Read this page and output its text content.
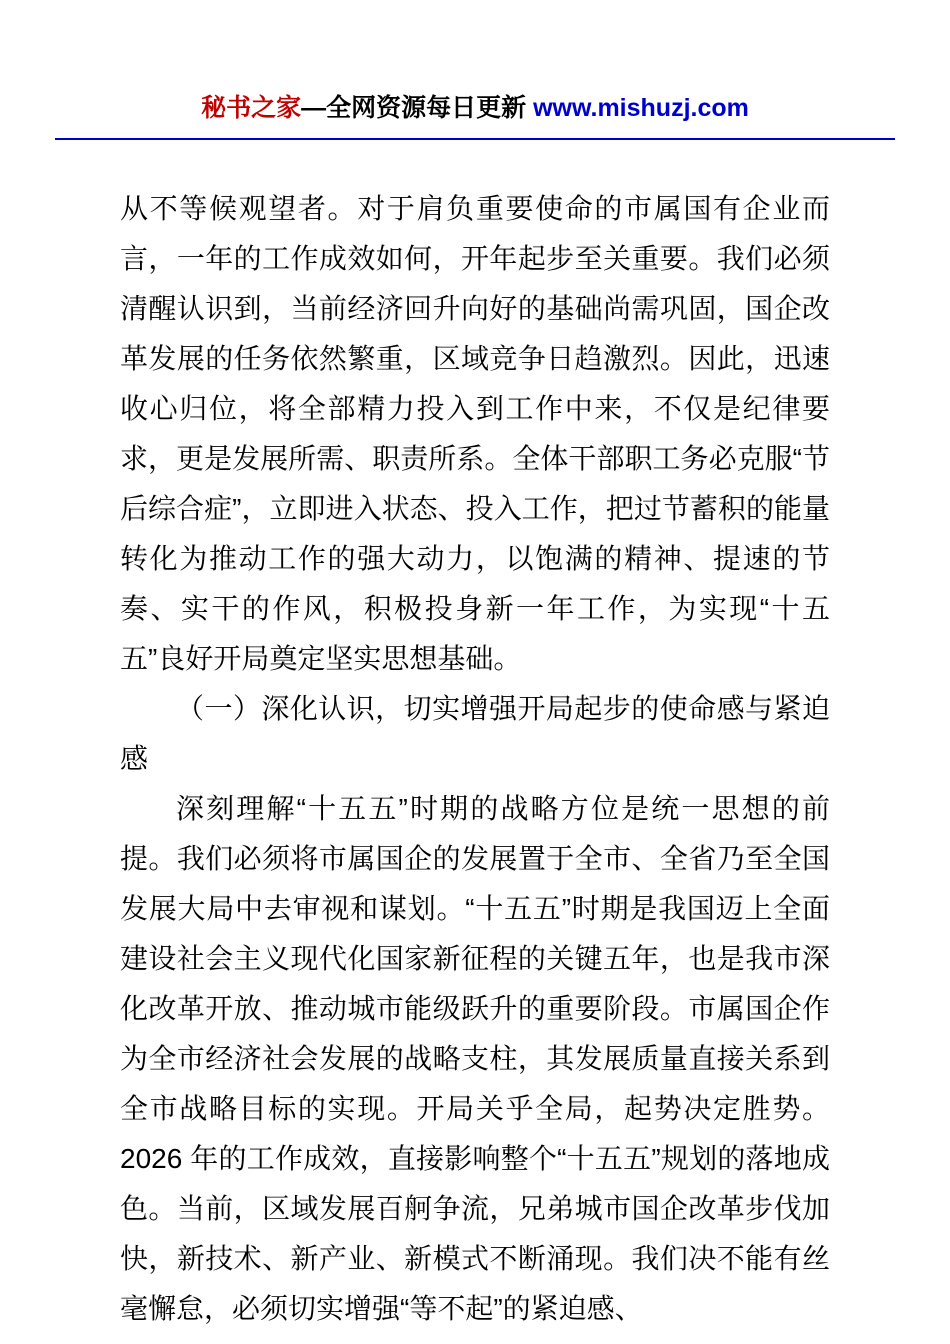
秘书之家—全网资源每日更新 www.mishuzj.com

从不等候观望者。对于肩负重要使命的市属国有企业而言，一年的工作成效如何，开年起步至关重要。我们必须清醒认识到，当前经济回升向好的基础尚需巩固，国企改革发展的任务依然繁重，区域竞争日趋激烈。因此，迅速收心归位，将全部精力投入到工作中来，不仅是纪律要求，更是发展所需、职责所系。全体干部职工务必克服“节后综合症”，立即进入状态、投入工作，把过节蓄积的能量转化为推动工作的强大动力，以饱满的精神、提速的节奏、实干的作风，积极投身新一年工作，为实现“十五五”良好开局奠定坚实思想基础。

（一）深化认识，切实增强开局起步的使命感与紧迫感

深刻理解“十五五”时期的战略方位是统一思想的前提。我们必须将市属国企的发展置于全市、全省乃至全国发展大局中去审视和谋划。“十五五”时期是我国迈上全面建设社会主义现代化国家新征程的关键五年，也是我市深化改革开放、推动城市能级跃升的重要阶段。市属国企作为全市经济社会发展的战略支柱，其发展质量直接关系到全市战略目标的实现。开局关乎全局，起势决定胜势。2026 年的工作成效，直接影响整个“十五五”规划的落地成色。当前，区域发展百舸争流，兄弟城市国企改革步伐加快，新技术、新产业、新模式不断涌现。我们决不能有丝毫懈怠，必须切实增强“等不起”的紧迫感、
